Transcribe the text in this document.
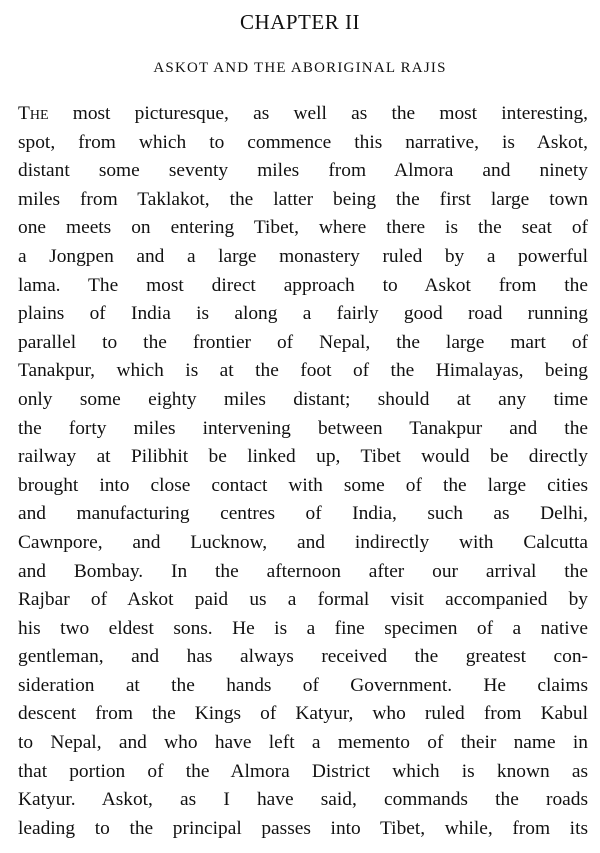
CHAPTER II
ASKOT AND THE ABORIGINAL RAJIS
The most picturesque, as well as the most interesting,
spot, from which to commence this narrative, is Askot,
distant some seventy miles from Almora and ninety
miles from Taklakot, the latter being the first large town
one meets on entering Tibet, where there is the seat of
a Jongpen and a large monastery ruled by a powerful
lama. The most direct approach to Askot from the
plains of India is along a fairly good road running
parallel to the frontier of Nepal, the large mart of
Tanakpur, which is at the foot of the Himalayas, being
only some eighty miles distant; should at any time
the forty miles intervening between Tanakpur and the
railway at Pilibhit be linked up, Tibet would be directly
brought into close contact with some of the large cities
and manufacturing centres of India, such as Delhi,
Cawnpore, and Lucknow, and indirectly with Calcutta
and Bombay. In the afternoon after our arrival the
Rajbar of Askot paid us a formal visit accompanied by
his two eldest sons. He is a fine specimen of a native
gentleman, and has always received the greatest con-
sideration at the hands of Government. He claims
descent from the Kings of Katyur, who ruled from Kabul
to Nepal, and who have left a memento of their name in
that portion of the Almora District which is known as
Katyur. Askot, as I have said, commands the roads
leading to the principal passes into Tibet, while, from its
